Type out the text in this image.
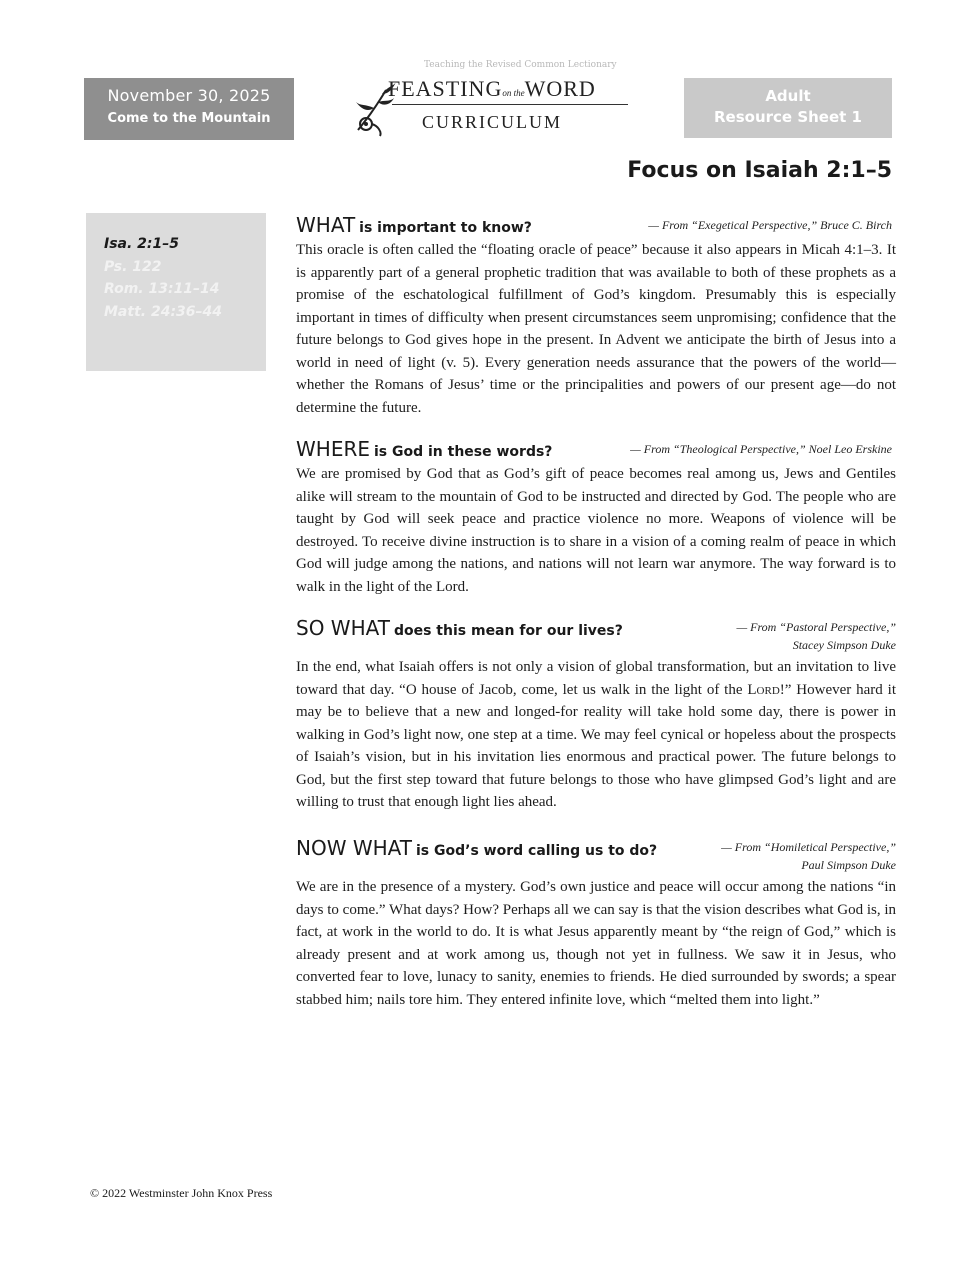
November 30, 2025
Come to the Mountain
Teaching the Revised Common Lectionary
FEASTINGon theWORD
CURRICULUM
Adult
Resource Sheet 1
Focus on Isaiah 2:1–5
Isa. 2:1–5
Ps. 122
Rom. 13:11–14
Matt. 24:36–44
WHAT is important to know?	— From “Exegetical Perspective,” Bruce C. Birch

This oracle is often called the “floating oracle of peace” because it also appears in Micah 4:1–3. It is apparently part of a general prophetic tradition that was available to both of these prophets as a promise of the eschatological fulfillment of God’s kingdom. Presumably this is especially important in times of difficulty when present circumstances seem unpromising; confidence that the future belongs to God gives hope in the present. In Advent we anticipate the birth of Jesus into a world in need of light (v. 5). Every generation needs assurance that the powers of the world—whether the Romans of Jesus’ time or the principalities and powers of our present age—do not determine the future.

WHERE is God in these words?	— From “Theological Perspective,” Noel Leo Erskine

We are promised by God that as God’s gift of peace becomes real among us, Jews and Gentiles alike will stream to the mountain of God to be instructed and directed by God. The people who are taught by God will seek peace and practice violence no more. Weapons of violence will be destroyed. To receive divine instruction is to share in a vision of a coming realm of peace in which God will judge among the nations, and nations will not learn war anymore. The way forward is to walk in the light of the Lord.

SO WHAT does this mean for our lives?	— From “Pastoral Perspective,”
Stacey Simpson Duke

In the end, what Isaiah offers is not only a vision of global transformation, but an invitation to live toward that day. “O house of Jacob, come, let us walk in the light of the Lord!” However hard it may be to believe that a new and longed-for reality will take hold some day, there is power in walking in God’s light now, one step at a time. We may feel cynical or hopeless about the prospects of Isaiah’s vision, but in his invitation lies enormous and practical power. The future belongs to God, but the first step toward that future belongs to those who have glimpsed God’s light and are willing to trust that enough light lies ahead.

NOW WHAT is God’s word calling us to do?	— From “Homiletical Perspective,”
Paul Simpson Duke

We are in the presence of a mystery. God’s own justice and peace will occur among the nations “in days to come.” What days? How? Perhaps all we can say is that the vision describes what God is, in fact, at work in the world to do. It is what Jesus apparently meant by “the reign of God,” which is already present and at work among us, though not yet in fullness. We saw it in Jesus, who converted fear to love, lunacy to sanity, enemies to friends. He died surrounded by swords; a spear stabbed him; nails tore him. They entered infinite love, which “melted them into light.”

© 2022 Westminster John Knox Press
